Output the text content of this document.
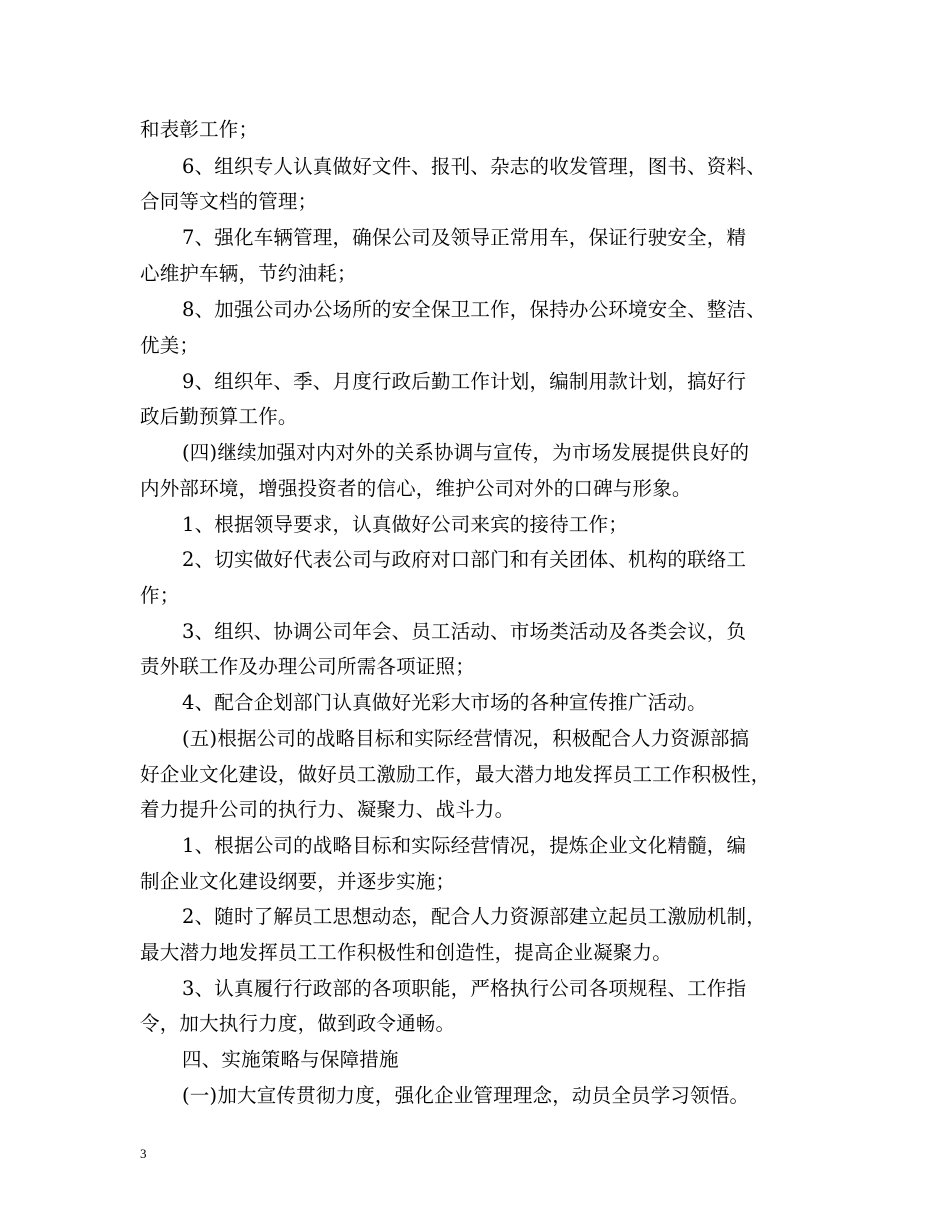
和表彰工作；
6、组织专人认真做好文件、报刊、杂志的收发管理，图书、资料、
合同等文档的管理；
7、强化车辆管理，确保公司及领导正常用车，保证行驶安全，精
心维护车辆，节约油耗；
8、加强公司办公场所的安全保卫工作，保持办公环境安全、整洁、
优美；
9、组织年、季、月度行政后勤工作计划，编制用款计划，搞好行
政后勤预算工作。
(四)继续加强对内对外的关系协调与宣传，为市场发展提供良好的
内外部环境，增强投资者的信心，维护公司对外的口碑与形象。
1、根据领导要求，认真做好公司来宾的接待工作；
2、切实做好代表公司与政府对口部门和有关团体、机构的联络工
作；
3、组织、协调公司年会、员工活动、市场类活动及各类会议，负
责外联工作及办理公司所需各项证照；
4、配合企划部门认真做好光彩大市场的各种宣传推广活动。
(五)根据公司的战略目标和实际经营情况，积极配合人力资源部搞
好企业文化建设，做好员工激励工作，最大潜力地发挥员工工作积极性，
着力提升公司的执行力、凝聚力、战斗力。
1、根据公司的战略目标和实际经营情况，提炼企业文化精髓，编
制企业文化建设纲要，并逐步实施；
2、随时了解员工思想动态，配合人力资源部建立起员工激励机制，
最大潜力地发挥员工工作积极性和创造性，提高企业凝聚力。
3、认真履行行政部的各项职能，严格执行公司各项规程、工作指
令，加大执行力度，做到政令通畅。
四、实施策略与保障措施
(一)加大宣传贯彻力度，强化企业管理理念，动员全员学习领悟。
3
